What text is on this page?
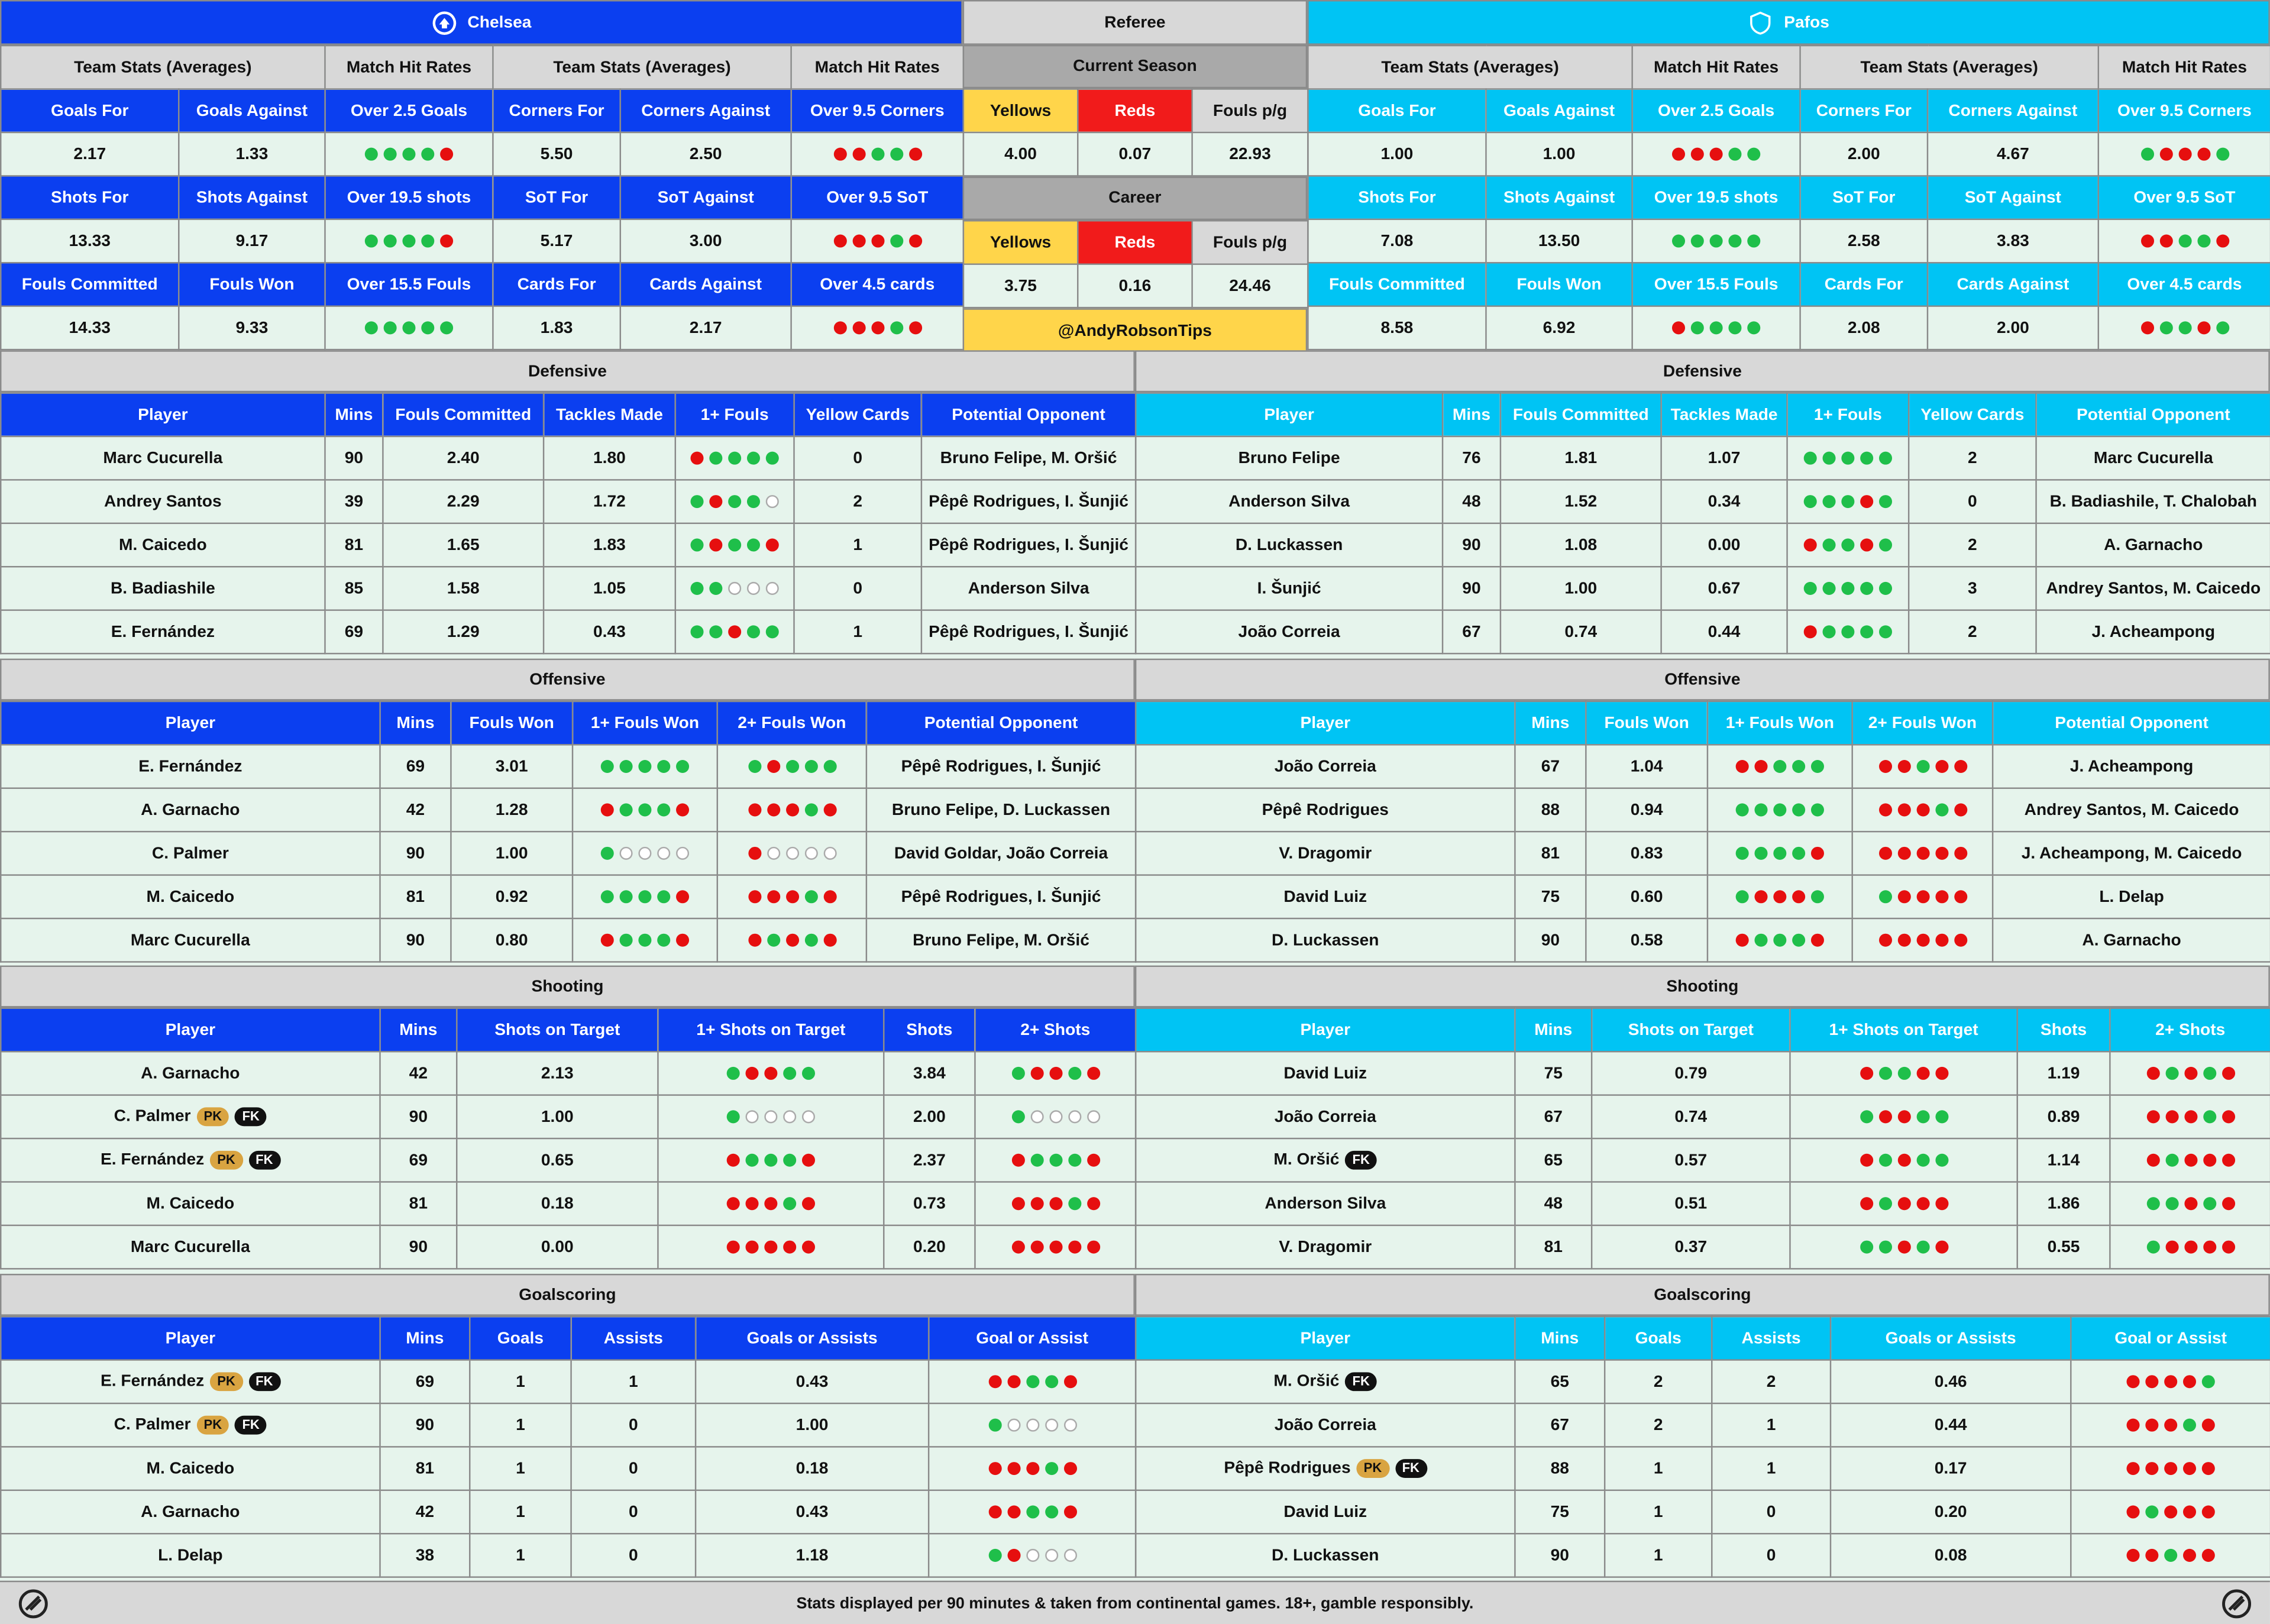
Chelsea
Team Stats (Averages)		Match Hit Rates	Team Stats (Averages)		Match Hit Rates
Goals For	Goals Against	Over 2.5 Goals	Corners For	Corners Against	Over 9.5 Corners
2.17	1.33		5.50	2.50	

Shots For	Shots Against	Over 19.5 shots	SoT For	SoT Against	Over 9.5 SoT
13.33	9.17		5.17	3.00	

Fouls Committed	Fouls Won	Over 15.5 Fouls	Cards For	Cards Against	Over 4.5 cards
14.33	9.33		1.83	2.17	
Referee
Current Season
Yellows	Reds	Fouls p/g
4.00	0.07	22.93
Career
Yellows	Reds	Fouls p/g
3.75	0.16	24.46
@AndyRobsonTips
Pafos
Team Stats (Averages)		Match Hit Rates	Team Stats (Averages)		Match Hit Rates
Goals For	Goals Against	Over 2.5 Goals	Corners For	Corners Against	Over 9.5 Corners
1.00	1.00		2.00	4.67	

Shots For	Shots Against	Over 19.5 shots	SoT For	SoT Against	Over 9.5 SoT
7.08	13.50		2.58	3.83	

Fouls Committed	Fouls Won	Over 15.5 Fouls	Cards For	Cards Against	Over 4.5 cards
8.58	6.92		2.08	2.00	
Defensive
Player	Mins	Fouls Committed	Tackles Made	1+ Fouls	Yellow Cards	Potential Opponent
Marc Cucurella	90	2.40	1.80		0	Bruno Felipe, M. Oršić
Andrey Santos	39	2.29	1.72		2	Pêpê Rodrigues, I. Šunjić
M. Caicedo	81	1.65	1.83		1	Pêpê Rodrigues, I. Šunjić
B. Badiashile	85	1.58	1.05		0	Anderson Silva
E. Fernández	69	1.29	0.43		1	Pêpê Rodrigues, I. Šunjić
Defensive
Player	Mins	Fouls Committed	Tackles Made	1+ Fouls	Yellow Cards	Potential Opponent
Bruno Felipe	76	1.81	1.07		2	Marc Cucurella
Anderson Silva	48	1.52	0.34		0	B. Badiashile, T. Chalobah
D. Luckassen	90	1.08	0.00		2	A. Garnacho
I. Šunjić	90	1.00	0.67		3	Andrey Santos, M. Caicedo
João Correia	67	0.74	0.44		2	J. Acheampong
Offensive
Player	Mins	Fouls Won	1+ Fouls Won	2+ Fouls Won	Potential Opponent
E. Fernández	69	3.01			Pêpê Rodrigues, I. Šunjić
A. Garnacho	42	1.28			Bruno Felipe, D. Luckassen
C. Palmer	90	1.00			David Goldar, João Correia
M. Caicedo	81	0.92			Pêpê Rodrigues, I. Šunjić
Marc Cucurella	90	0.80			Bruno Felipe, M. Oršić
Offensive
Player	Mins	Fouls Won	1+ Fouls Won	2+ Fouls Won	Potential Opponent
João Correia	67	1.04			J. Acheampong
Pêpê Rodrigues	88	0.94			Andrey Santos, M. Caicedo
V. Dragomir	81	0.83			J. Acheampong, M. Caicedo
David Luiz	75	0.60			L. Delap
D. Luckassen	90	0.58			A. Garnacho
Shooting
Player	Mins	Shots on Target	1+ Shots on Target	Shots	2+ Shots
A. Garnacho	42	2.13		3.84	

C. Palmer PK FK	90	1.00		2.00	

E. Fernández PK FK	69	0.65		2.37	

M. Caicedo	81	0.18		0.73	

Marc Cucurella	90	0.00		0.20	
Shooting
Player	Mins	Shots on Target	1+ Shots on Target	Shots	2+ Shots
David Luiz	75	0.79		1.19	

João Correia	67	0.74		0.89	

M. Oršić FK	65	0.57		1.14	

Anderson Silva	48	0.51		1.86	

V. Dragomir	81	0.37		0.55	
Goalscoring
Player	Mins	Goals	Assists	Goals or Assists	Goal or Assist
E. Fernández PK FK	69	1	1	0.43	

C. Palmer PK FK	90	1	0	1.00	

M. Caicedo	81	1	0	0.18	

A. Garnacho	42	1	0	0.43	

L. Delap	38	1	0	1.18	
Goalscoring
Player	Mins	Goals	Assists	Goals or Assists	Goal or Assist
M. Oršić FK	65	2	2	0.46	

João Correia	67	2	1	0.44	

Pêpê Rodrigues PK FK	88	1	1	0.17	

David Luiz	75	1	0	0.20	

D. Luckassen	90	1	0	0.08	
Stats displayed per 90 minutes & taken from continental games. 18+, gamble responsibly.
